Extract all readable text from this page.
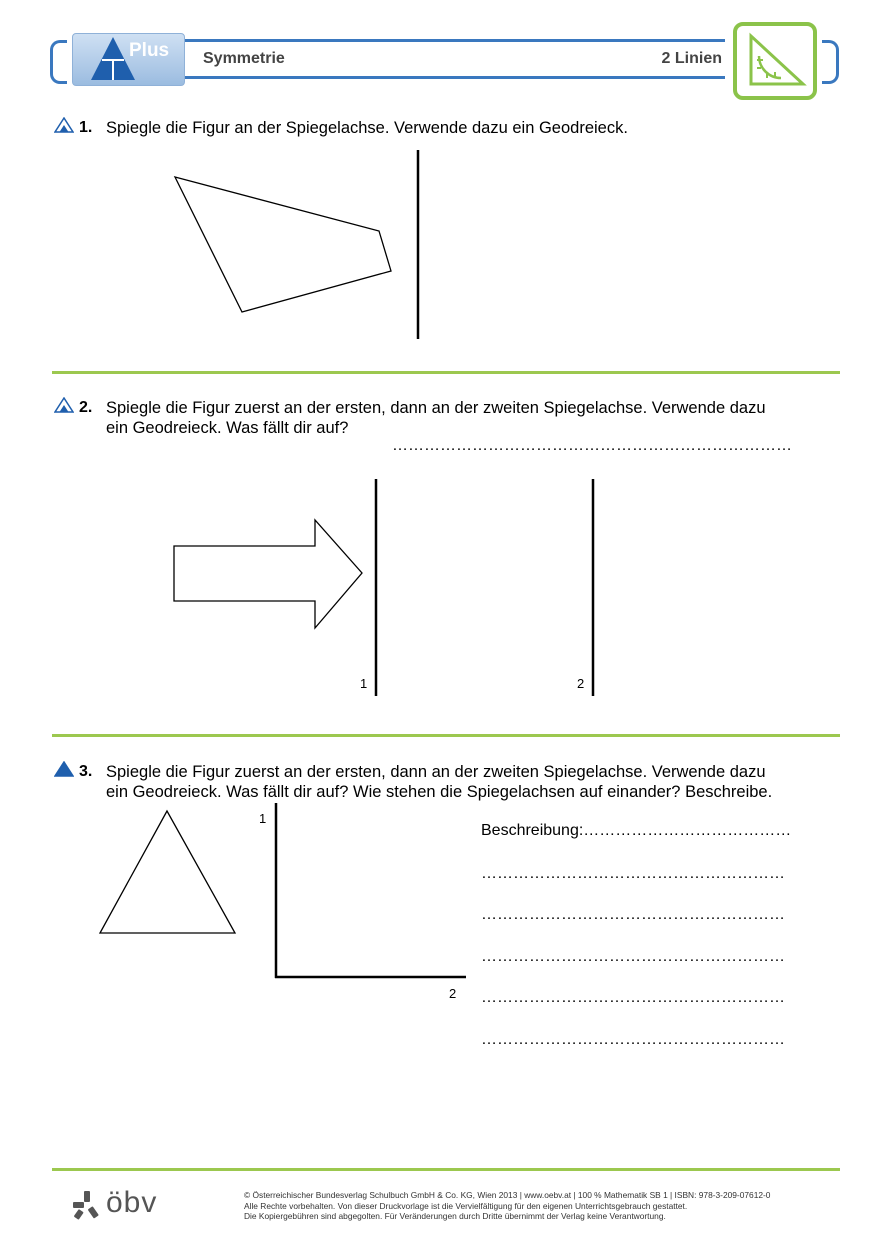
Plus Symmetrie	2 Linien
1. Spiegle die Figur an der Spiegelachse. Verwende dazu ein Geodreieck.
2. Spiegle die Figur zuerst an der ersten, dann an der zweiten Spiegelachse. Verwende dazu
ein Geodreieck. Was fällt dir auf?
…………………………………………………………………
1	2
3. Spiegle die Figur zuerst an der ersten, dann an der zweiten Spiegelachse. Verwende dazu
ein Geodreieck. Was fällt dir auf? Wie stehen die Spiegelachsen auf einander? Beschreibe.
1
2
Beschreibung:…………………………………
…………………………………………………
…………………………………………………
…………………………………………………
…………………………………………………
…………………………………………………
öbv	© Österreichischer Bundesverlag Schulbuch GmbH & Co. KG, Wien 2013 | www.oebv.at | 100 % Mathematik SB 1 | ISBN: 978-3-209-07612-0
Alle Rechte vorbehalten. Von dieser Druckvorlage ist die Vervielfältigung für den eigenen Unterrichtsgebrauch gestattet.
Die Kopiergebühren sind abgegolten. Für Veränderungen durch Dritte übernimmt der Verlag keine Verantwortung.
